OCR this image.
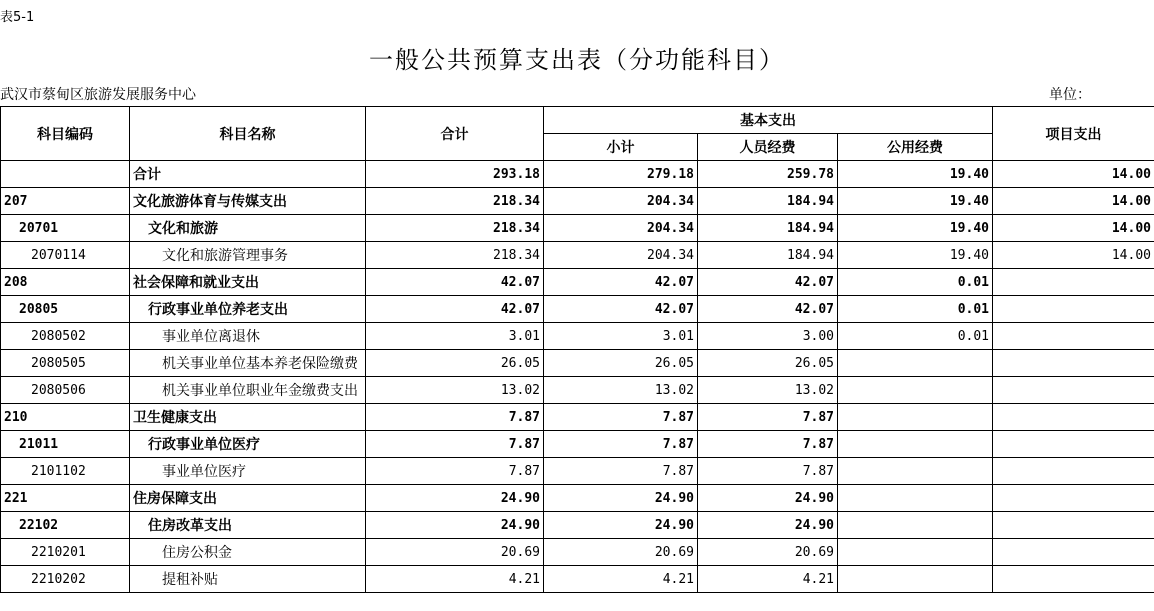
表5-1
一般公共预算支出表（分功能科目）
武汉市蔡甸区旅游发展服务中心	单位：
科目编码	科目名称	合计	基本支出			项目支出
			小计	人员经费	公用经费	
	合计	293.18	279.18	259.78	19.40	14.00
207	文化旅游体育与传媒支出	218.34	204.34	184.94	19.40	14.00
20701	文化和旅游	218.34	204.34	184.94	19.40	14.00
2070114	文化和旅游管理事务	218.34	204.34	184.94	19.40	14.00
208	社会保障和就业支出	42.07	42.07	42.07	0.01	
20805	行政事业单位养老支出	42.07	42.07	42.07	0.01	
2080502	事业单位离退休	3.01	3.01	3.00	0.01	
2080505	机关事业单位基本养老保险缴费	26.05	26.05	26.05		
2080506	机关事业单位职业年金缴费支出	13.02	13.02	13.02		
210	卫生健康支出	7.87	7.87	7.87		
21011	行政事业单位医疗	7.87	7.87	7.87		
2101102	事业单位医疗	7.87	7.87	7.87		
221	住房保障支出	24.90	24.90	24.90		
22102	住房改革支出	24.90	24.90	24.90		
2210201	住房公积金	20.69	20.69	20.69		
2210202	提租补贴	4.21	4.21	4.21		
